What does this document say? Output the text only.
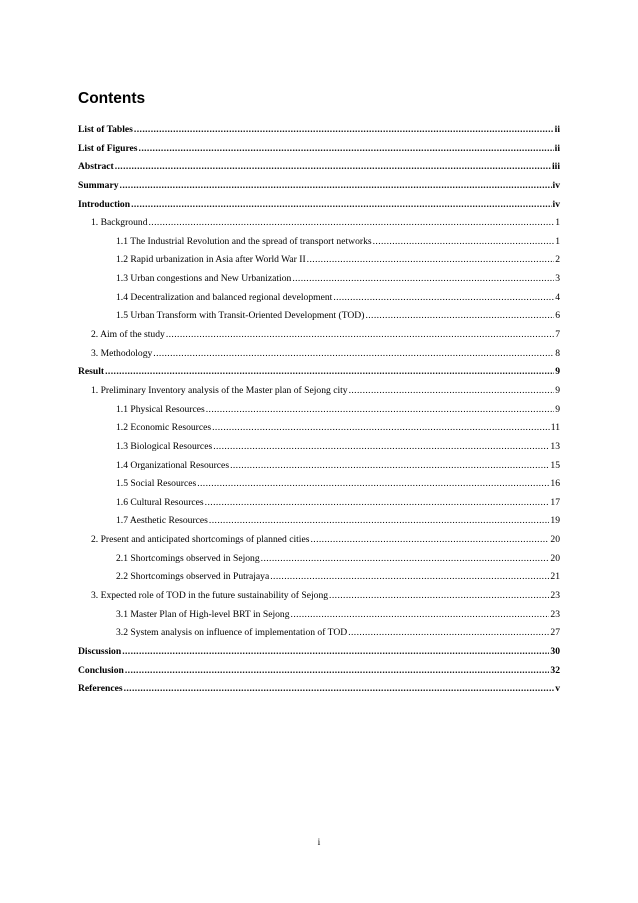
Contents
List of Tables .....	ii
List of Figures .....	ii
Abstract .....	iii
Summary .....	iv
Introduction .....	iv
1. Background .....	1
1.1 The Industrial Revolution and the spread of transport networks .....	1
1.2 Rapid urbanization in Asia after World War II .....	2
1.3 Urban congestions and New Urbanization .....	3
1.4 Decentralization and balanced regional development .....	4
1.5 Urban Transform with Transit-Oriented Development (TOD) .....	6
2. Aim of the study .....	7
3. Methodology .....	8
Result .....	9
1. Preliminary Inventory analysis of the Master plan of Sejong city .....	9
1.1 Physical Resources .....	9
1.2 Economic Resources .....	11
1.3 Biological Resources .....	13
1.4 Organizational Resources .....	15
1.5 Social Resources .....	16
1.6 Cultural Resources .....	17
1.7 Aesthetic Resources .....	19
2. Present and anticipated shortcomings of planned cities .....	20
2.1 Shortcomings observed in Sejong .....	20
2.2 Shortcomings observed in Putrajaya .....	21
3. Expected role of TOD in the future sustainability of Sejong .....	23
3.1 Master Plan of High-level BRT in Sejong .....	23
3.2 System analysis on influence of implementation of TOD .....	27
Discussion .....	30
Conclusion .....	32
References .....	v
i
